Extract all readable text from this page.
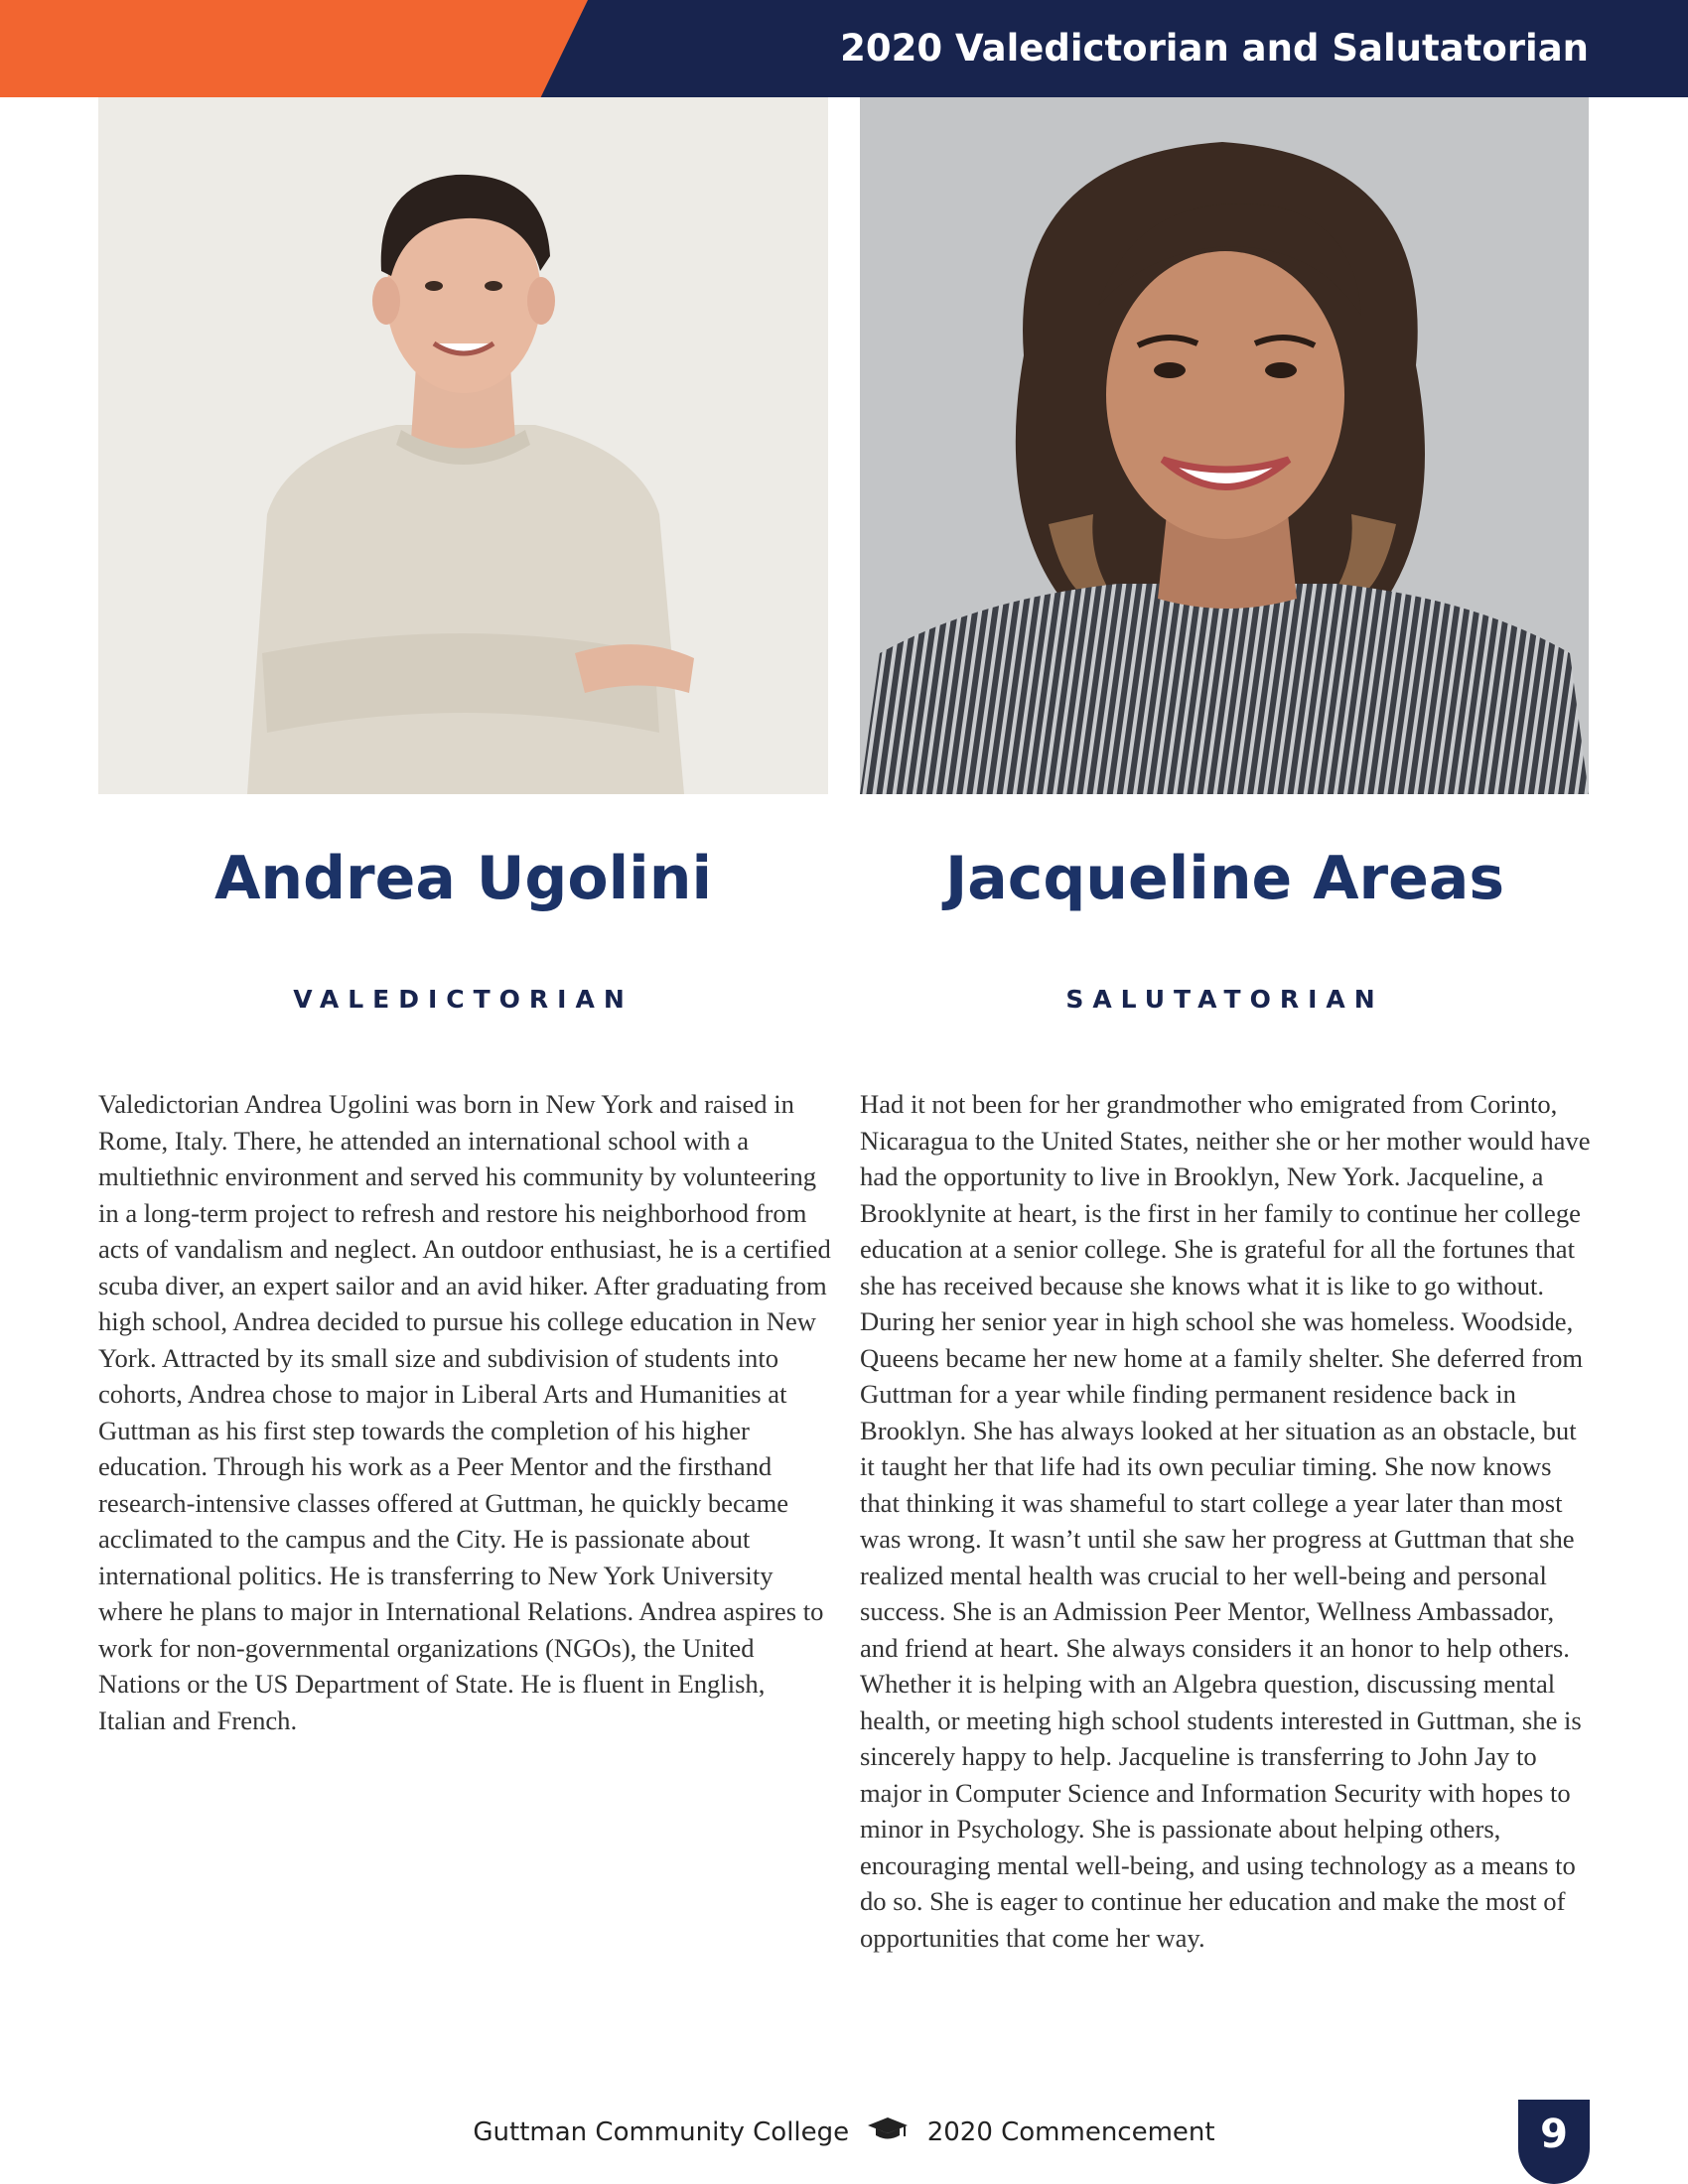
2020 Valedictorian and Salutatorian
Andrea Ugolini	Jacqueline Areas
VALEDICTORIAN	SALUTATORIAN
Valedictorian Andrea Ugolini was born in New York and raised in Rome, Italy. There, he attended an international school with a multiethnic environment and served his community by volunteering in a long-term project to refresh and restore his neighborhood from acts of vandalism and neglect. An outdoor enthusiast, he is a certified scuba diver, an expert sailor and an avid hiker. After graduating from high school, Andrea decided to pursue his college education in New York. Attracted by its small size and subdivision of students into cohorts, Andrea chose to major in Liberal Arts and Humanities at Guttman as his first step towards the completion of his higher education. Through his work as a Peer Mentor and the firsthand research-intensive classes offered at Guttman, he quickly became acclimated to the campus and the City. He is passionate about international politics. He is transferring to New York University where he plans to major in International Relations. Andrea aspires to work for non-governmental organizations (NGOs), the United Nations or the US Department of State. He is fluent in English, Italian and French.
Had it not been for her grandmother who emigrated from Corinto, Nicaragua to the United States, neither she or her mother would have had the opportunity to live in Brooklyn, New York. Jacqueline, a Brooklynite at heart, is the first in her family to continue her college education at a senior college. She is grateful for all the fortunes that she has received because she knows what it is like to go without. During her senior year in high school she was homeless. Woodside, Queens became her new home at a family shelter. She deferred from Guttman for a year while finding permanent residence back in Brooklyn. She has always looked at her situation as an obstacle, but it taught her that life had its own peculiar timing. She now knows that thinking it was shameful to start college a year later than most was wrong. It wasn’t until she saw her progress at Guttman that she realized mental health was crucial to her well-being and personal success. She is an Admission Peer Mentor, Wellness Ambassador, and friend at heart. She always considers it an honor to help others. Whether it is helping with an Algebra question, discussing mental health, or meeting high school students interested in Guttman, she is sincerely happy to help. Jacqueline is transferring to John Jay to major in Computer Science and Information Security with hopes to minor in Psychology. She is passionate about helping others, encouraging mental well-being, and using technology as a means to do so. She is eager to continue her education and make the most of opportunities that come her way.
Guttman Community College	2020 Commencement	9
